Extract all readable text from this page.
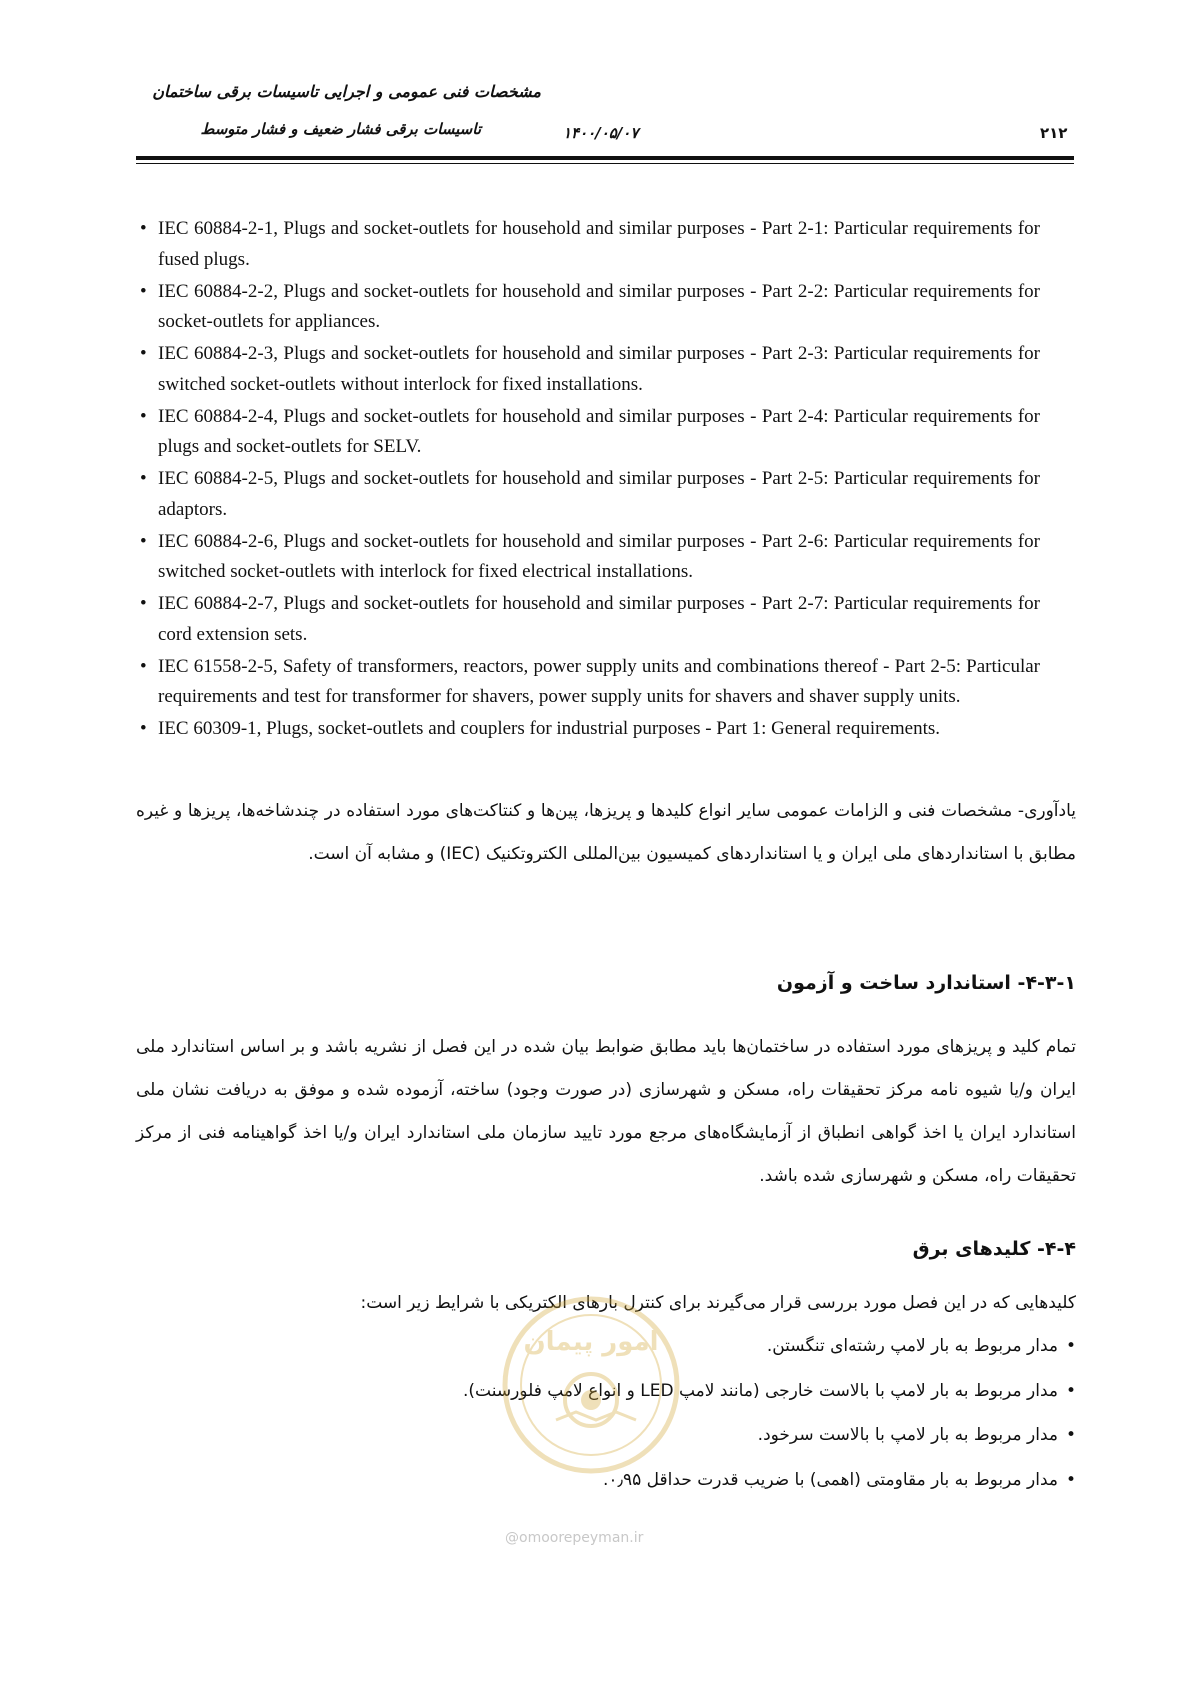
مشخصات فنی عمومی و اجرایی تاسیسات برقی ساختمان
تاسیسات برقی فشار ضعیف و فشار متوسط	۱۴۰۰/۰۵/۰۷	۲۱۲
• IEC 60884-2-1, Plugs and socket-outlets for household and similar purposes - Part 2-1: Particular requirements for fused plugs.
• IEC 60884-2-2, Plugs and socket-outlets for household and similar purposes - Part 2-2: Particular requirements for socket-outlets for appliances.
• IEC 60884-2-3, Plugs and socket-outlets for household and similar purposes - Part 2-3: Particular requirements for switched socket-outlets without interlock for fixed installations.
• IEC 60884-2-4, Plugs and socket-outlets for household and similar purposes - Part 2-4: Particular requirements for plugs and socket-outlets for SELV.
• IEC 60884-2-5, Plugs and socket-outlets for household and similar purposes - Part 2-5: Particular requirements for adaptors.
• IEC 60884-2-6, Plugs and socket-outlets for household and similar purposes - Part 2-6: Particular requirements for switched socket-outlets with interlock for fixed electrical installations.
• IEC 60884-2-7, Plugs and socket-outlets for household and similar purposes - Part 2-7: Particular requirements for cord extension sets.
• IEC 61558-2-5, Safety of transformers, reactors, power supply units and combinations thereof - Part 2-5: Particular requirements and test for transformer for shavers, power supply units for shavers and shaver supply units.
• IEC 60309-1, Plugs, socket-outlets and couplers for industrial purposes - Part 1: General requirements.
یادآوری- مشخصات فنی و الزامات عمومی سایر انواع کلیدها و پریزها، پین‌ها و کنتاکت‌های مورد استفاده در چندشاخه‌ها، پریزها و غیره مطابق با استانداردهای ملی ایران و یا استانداردهای کمیسیون بین‌المللی الکتروتکنیک (IEC) و مشابه آن است.
۴-۳-۱- استاندارد ساخت و آزمون
تمام کلید و پریزهای مورد استفاده در ساختمان‌ها باید مطابق ضوابط بیان شده در این فصل از نشریه باشد و بر اساس استاندارد ملی ایران و/یا شیوه نامه مرکز تحقیقات راه، مسکن و شهرسازی (در صورت وجود) ساخته، آزموده شده و موفق به دریافت نشان ملی استاندارد ایران یا اخذ گواهی انطباق از آزمایشگاه‌های مرجع مورد تایید سازمان ملی استاندارد ایران و/یا اخذ گواهینامه فنی از مرکز تحقیقات راه، مسکن و شهرسازی شده باشد.
۴-۴- کلیدهای برق
کلیدهایی که در این فصل مورد بررسی قرار می‌گیرند برای کنترل بارهای الکتریکی با شرایط زیر است:
•
مدار مربوط به بار لامپ رشته‌ای تنگستن.
•
مدار مربوط به بار لامپ با بالاست خارجی (مانند لامپ LED و انواع لامپ فلورسنت).
•
مدار مربوط به بار لامپ با بالاست سرخود.
•
مدار مربوط به بار مقاومتی (اهمی) با ضریب قدرت حداقل ۰٫۹۵.
امور پیمان
@omoorepeyman.ir
